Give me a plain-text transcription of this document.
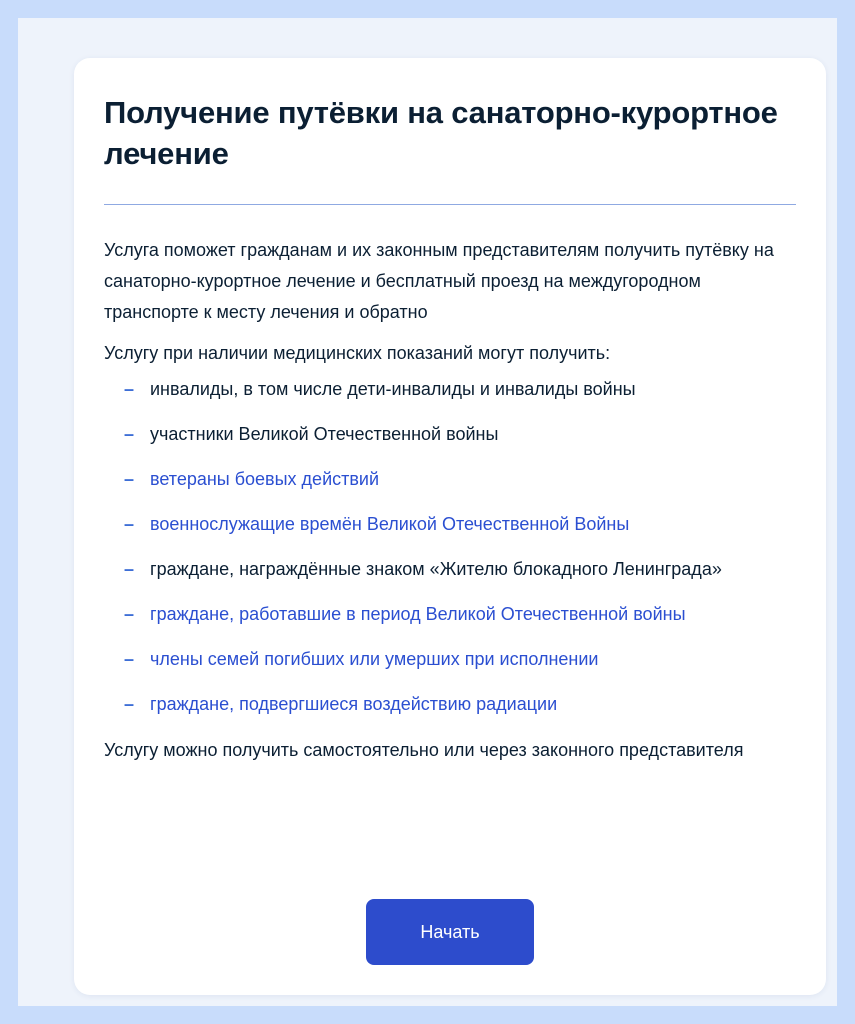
Получение путёвки на санаторно-курортное лечение

Услуга поможет гражданам и их законным представителям получить путёвку на санаторно-курортное лечение и бесплатный проезд на междугородном транспорте к месту лечения и обратно

Услугу при наличии медицинских показаний могут получить:

– инвалиды, в том числе дети-инвалиды и инвалиды войны
– участники Великой Отечественной войны
– ветераны боевых действий
– военнослужащие времён Великой Отечественной Войны
– граждане, награждённые знаком «Жителю блокадного Ленинграда»
– граждане, работавшие в период Великой Отечественной войны
– члены семей погибших или умерших при исполнении
– граждане, подвергшиеся воздействию радиации

Услугу можно получить самостоятельно или через законного представителя

Начать
